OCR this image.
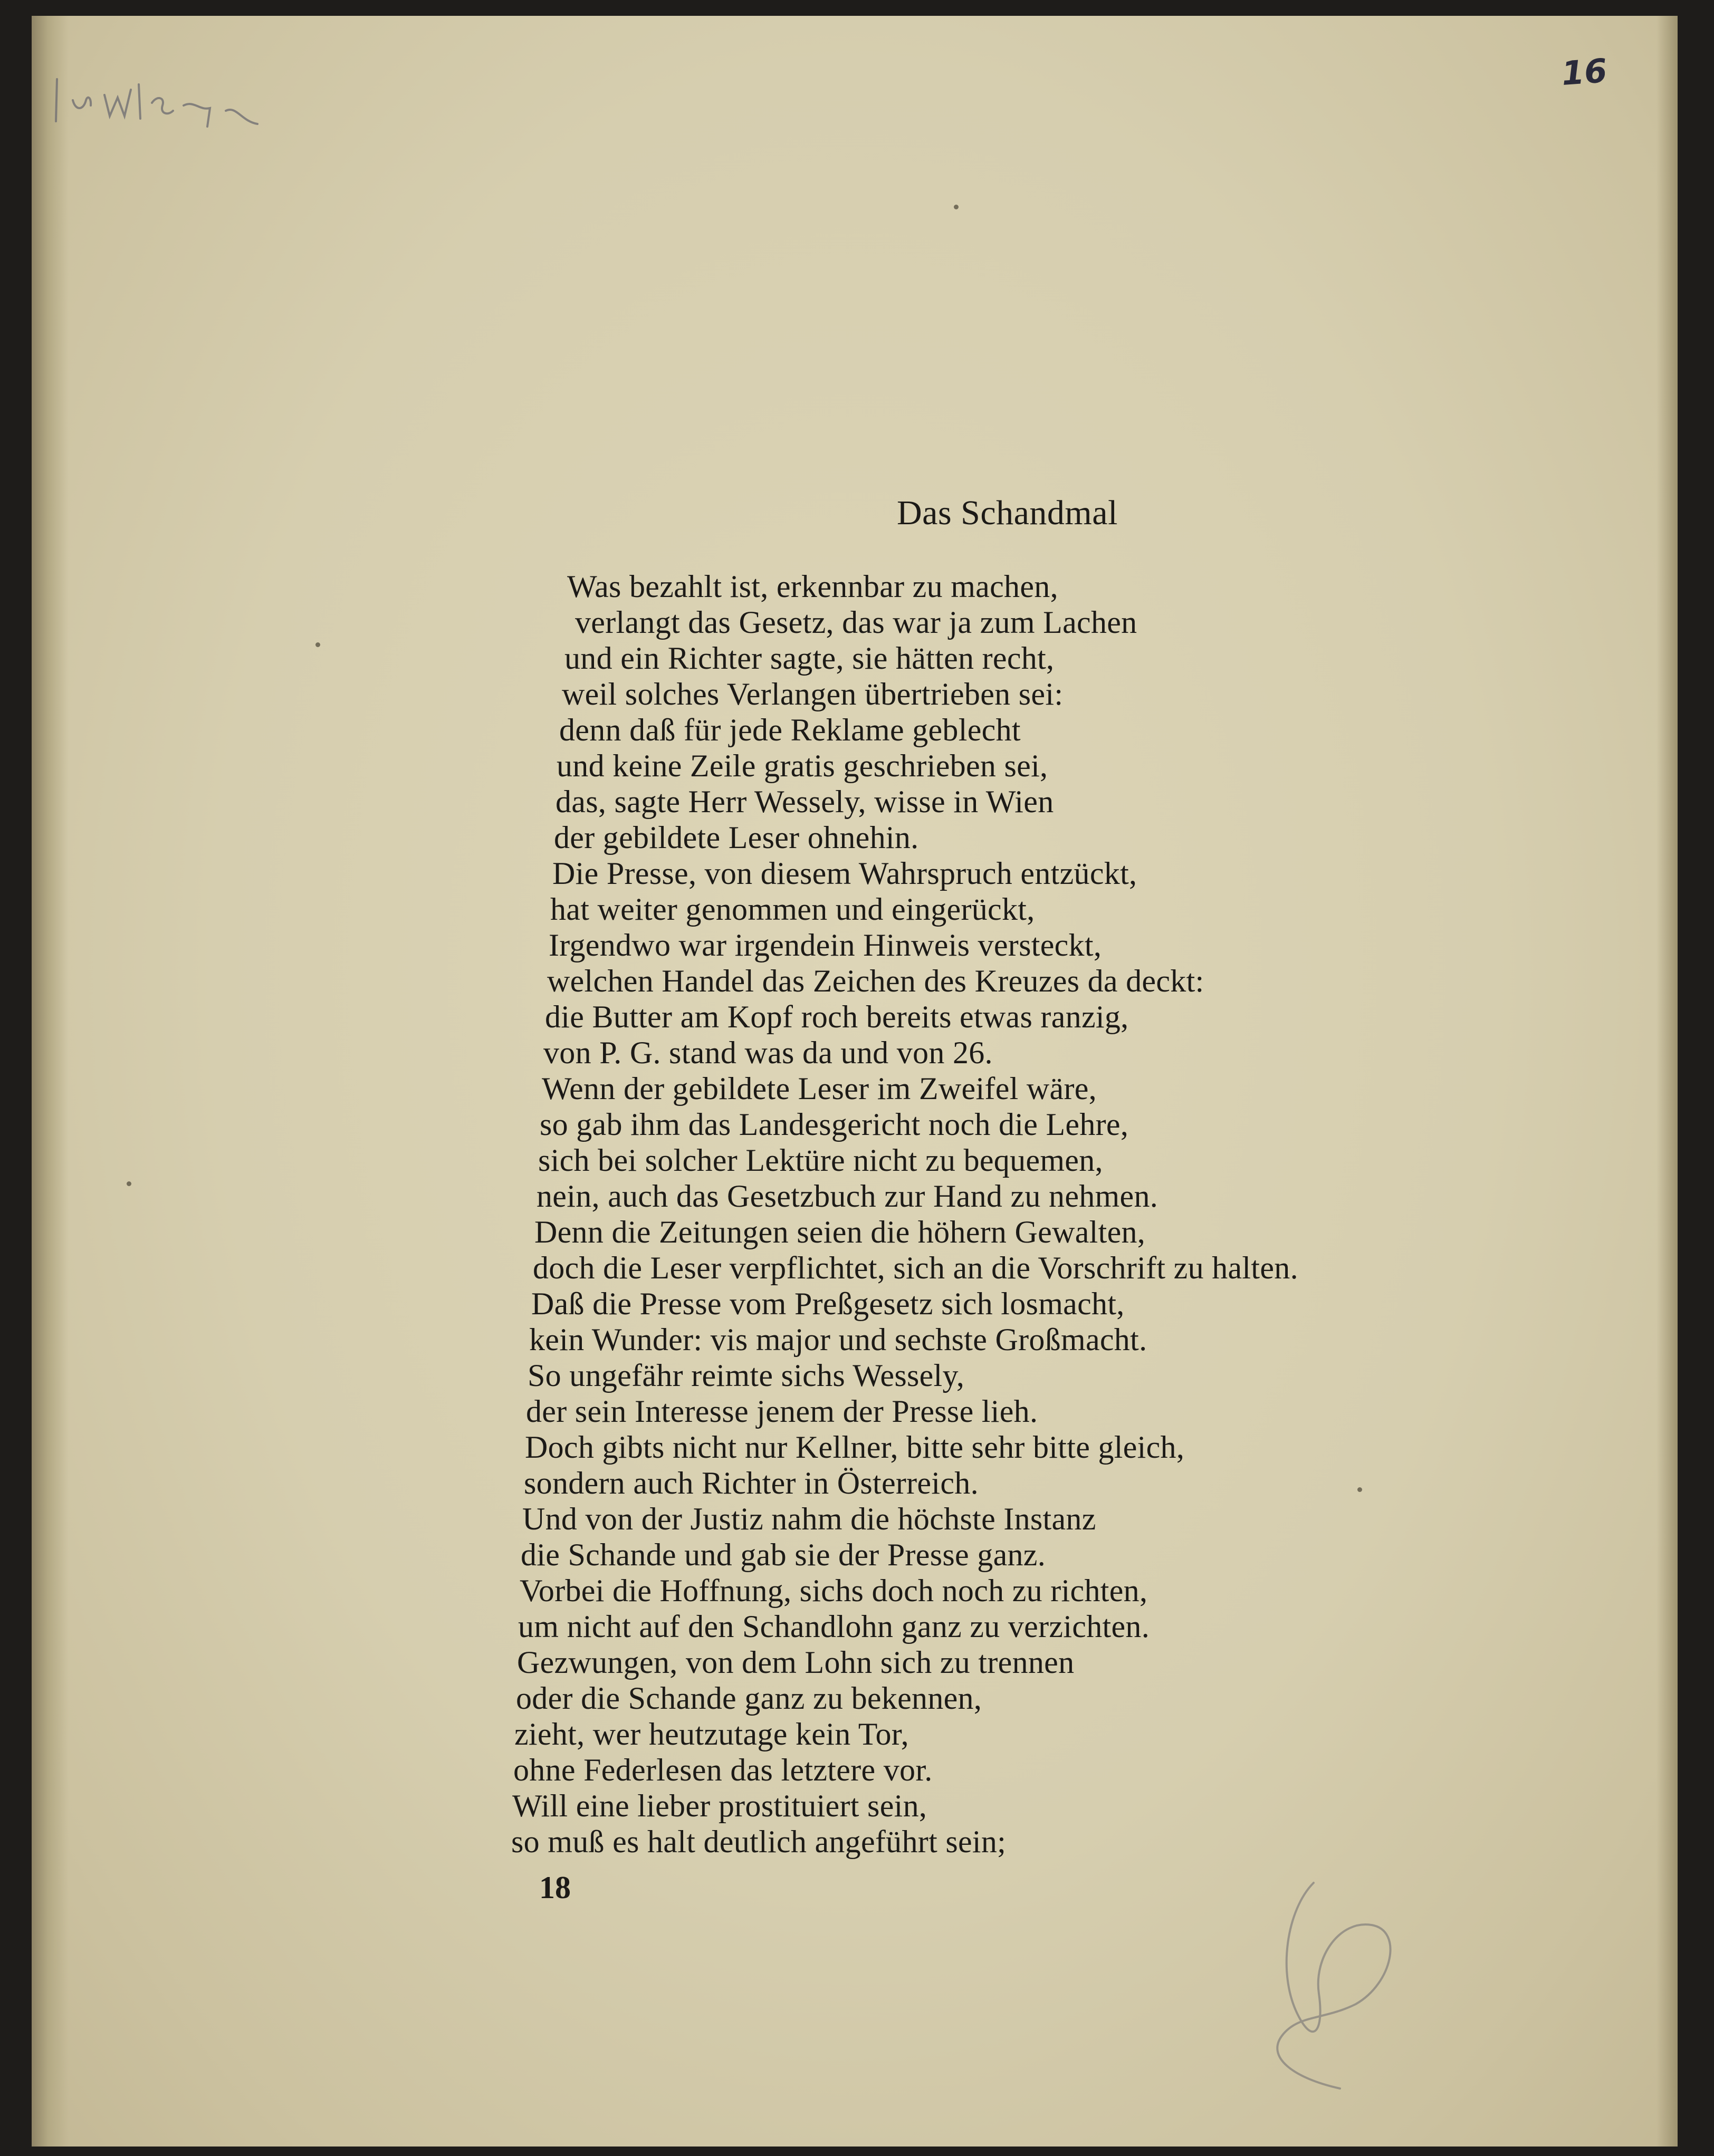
16
Das Schandmal
Was bezahlt ist, erkennbar zu machen,
verlangt das Gesetz, das war ja zum Lachen
und ein Richter sagte, sie hätten recht,
weil solches Verlangen übertrieben sei:
denn daß für jede Reklame geblecht
und keine Zeile gratis geschrieben sei,
das, sagte Herr Wessely, wisse in Wien
der gebildete Leser ohnehin.
Die Presse, von diesem Wahrspruch entzückt,
hat weiter genommen und eingerückt,
Irgendwo war irgendein Hinweis versteckt,
welchen Handel das Zeichen des Kreuzes da deckt:
die Butter am Kopf roch bereits etwas ranzig,
von P. G. stand was da und von 26.
Wenn der gebildete Leser im Zweifel wäre,
so gab ihm das Landesgericht noch die Lehre,
sich bei solcher Lektüre nicht zu bequemen,
nein, auch das Gesetzbuch zur Hand zu nehmen.
Denn die Zeitungen seien die höhern Gewalten,
doch die Leser verpflichtet, sich an die Vorschrift zu halten.
Daß die Presse vom Preßgesetz sich losmacht,
kein Wunder: vis major und sechste Großmacht.
So ungefähr reimte sichs Wessely,
der sein Interesse jenem der Presse lieh.
Doch gibts nicht nur Kellner, bitte sehr bitte gleich,
sondern auch Richter in Österreich.
Und von der Justiz nahm die höchste Instanz
die Schande und gab sie der Presse ganz.
Vorbei die Hoffnung, sichs doch noch zu richten,
um nicht auf den Schandlohn ganz zu verzichten.
Gezwungen, von dem Lohn sich zu trennen
oder die Schande ganz zu bekennen,
zieht, wer heutzutage kein Tor,
ohne Federlesen das letztere vor.
Will eine lieber prostituiert sein,
so muß es halt deutlich angeführt sein;
18
